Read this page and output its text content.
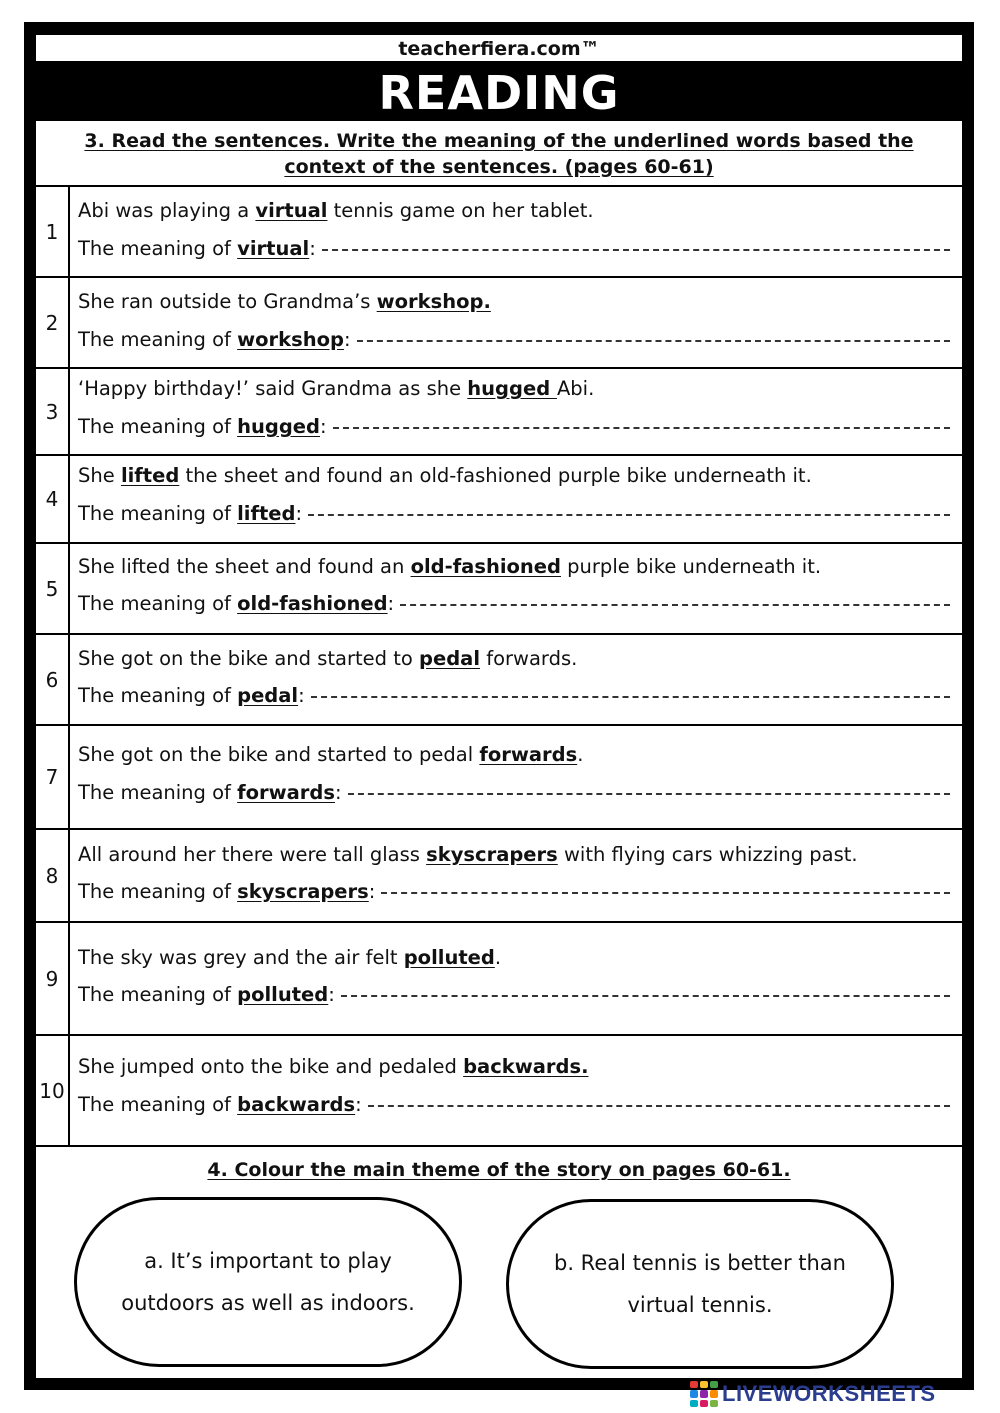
teacherfiera.com™
READING
3. Read the sentences. Write the meaning of the underlined words based the
context of the sentences. (pages 60-61)
1
Abi was playing a virtual tennis game on her tablet.
The meaning of
virtual :
2
She ran outside to Grandma’s workshop.
The meaning of
workshop :
3
‘Happy birthday!’ said Grandma as she hugged Abi.
The meaning of
hugged :
4
She lifted the sheet and found an old-fashioned purple bike underneath it.
The meaning of
lifted :
5
She lifted the sheet and found an old-fashioned purple bike underneath it.
The meaning of
old-fashioned :
6
She got on the bike and started to pedal forwards.
The meaning of
pedal :
7
She got on the bike and started to pedal forwards.
The meaning of
forwards :
8
All around her there were tall glass skyscrapers with flying cars whizzing past.
The meaning of
skyscrapers :
9
The sky was grey and the air felt polluted.
The meaning of
polluted :
10
She jumped onto the bike and pedaled backwards.
The meaning of
backwards :
4. Colour the main theme of the story on pages 60-61.
a. It’s important to play
outdoors as well as indoors.
b. Real tennis is better than
virtual tennis.
LIVEWORKSHEETS
